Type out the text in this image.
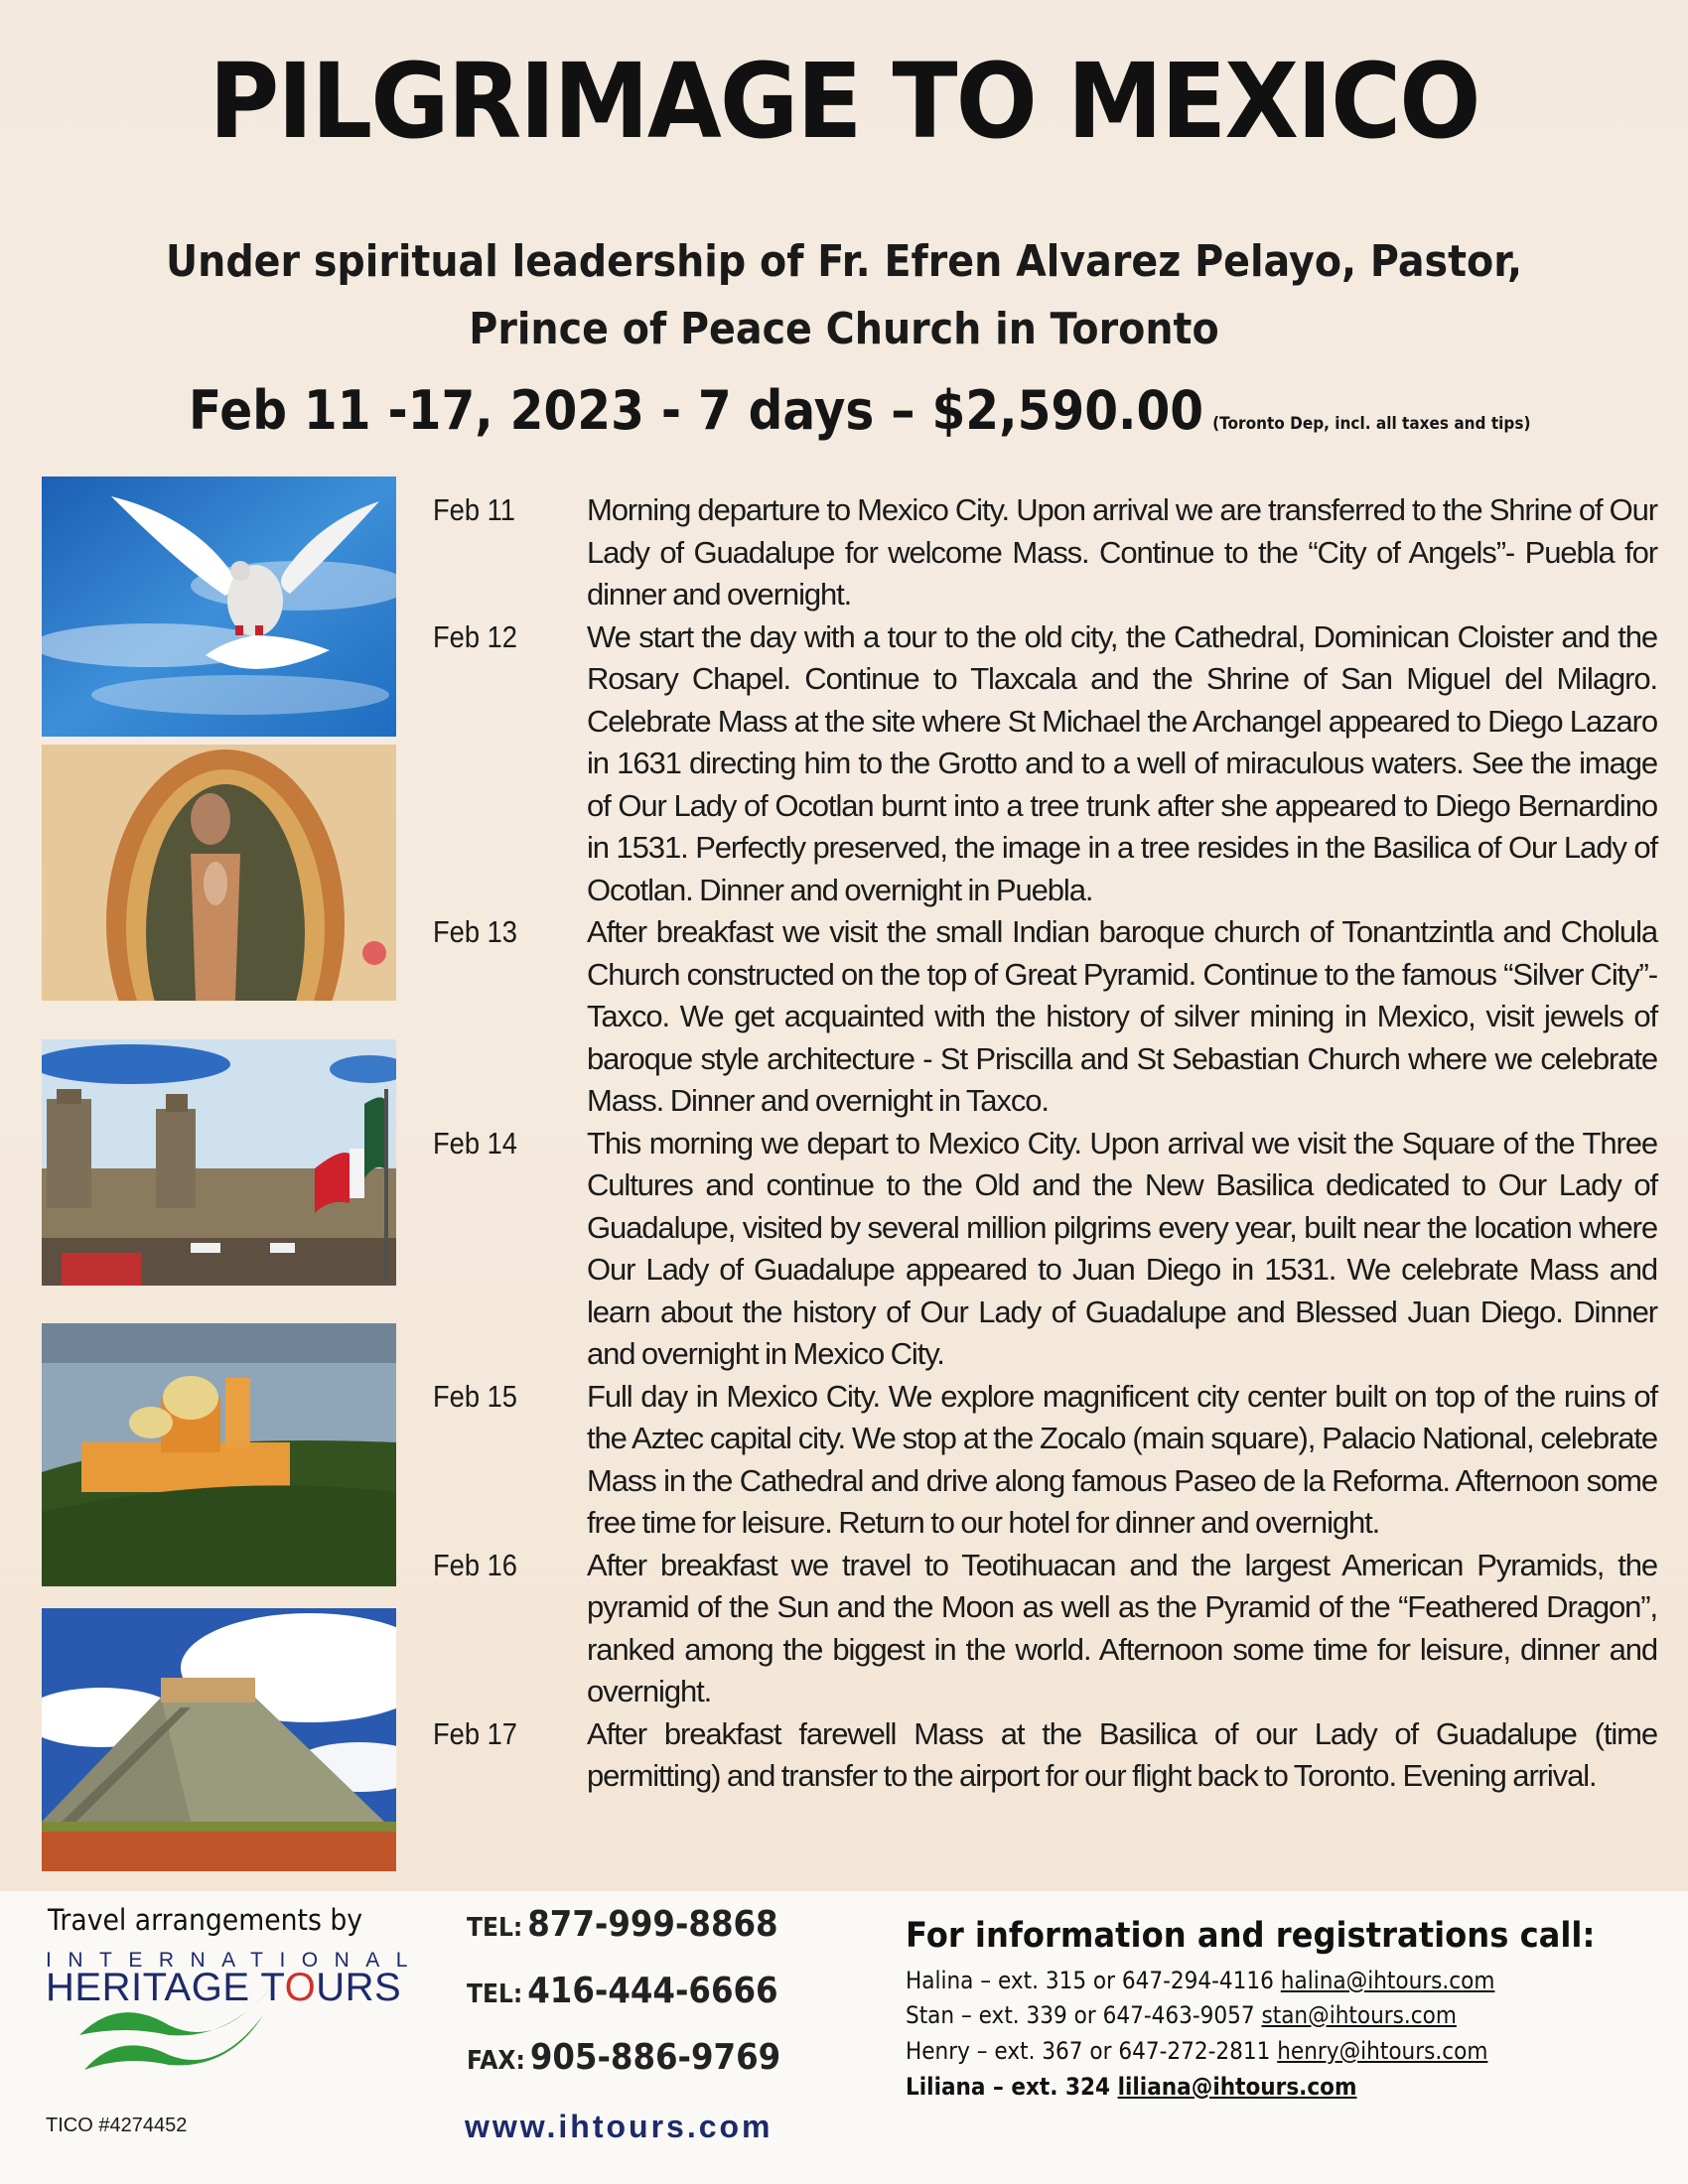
PILGRIMAGE TO MEXICO
Under spiritual leadership of Fr. Efren Alvarez Pelayo, Pastor,
Prince of Peace Church in Toronto
Feb 11 -17, 2023 - 7 days – $2,590.00 (Toronto Dep, incl. all taxes and tips)
Feb 11	Morning departure to Mexico City. Upon arrival we are transferred to the Shrine of Our Lady of Guadalupe for welcome Mass. Continue to the “City of Angels”- Puebla for dinner and overnight.
Feb 12	We start the day with a tour to the old city, the Cathedral, Dominican Cloister and the Rosary Chapel. Continue to Tlaxcala and the Shrine of San Miguel del Milagro. Celebrate Mass at the site where St Michael the Archangel appeared to Diego Lazaro in 1631 directing him to the Grotto and to a well of miraculous waters. See the image of Our Lady of Ocotlan burnt into a tree trunk after she appeared to Diego Bernardino in 1531. Perfectly preserved, the image in a tree resides in the Basilica of Our Lady of Ocotlan. Dinner and overnight in Puebla.
Feb 13	After breakfast we visit the small Indian baroque church of Tonantzintla and Cholula Church constructed on the top of Great Pyramid. Continue to the famous “Silver City”- Taxco. We get acquainted with the history of silver mining in Mexico, visit jewels of baroque style architecture - St Priscilla and St Sebastian Church where we celebrate Mass. Dinner and overnight in Taxco.
Feb 14	This morning we depart to Mexico City. Upon arrival we visit the Square of the Three Cultures and continue to the Old and the New Basilica dedicated to Our Lady of Guadalupe, visited by several million pilgrims every year, built near the location where Our Lady of Guadalupe appeared to Juan Diego in 1531. We celebrate Mass and learn about the history of Our Lady of Guadalupe and Blessed Juan Diego. Dinner and overnight in Mexico City.
Feb 15	Full day in Mexico City. We explore magnificent city center built on top of the ruins of the Aztec capital city. We stop at the Zocalo (main square), Palacio National, celebrate Mass in the Cathedral and drive along famous Paseo de la Reforma. Afternoon some free time for leisure. Return to our hotel for dinner and overnight.
Feb 16	After breakfast we travel to Teotihuacan and the largest American Pyramids, the pyramid of the Sun and the Moon as well as the Pyramid of the “Feathered Dragon”, ranked among the biggest in the world. Afternoon some time for leisure, dinner and overnight.
Feb 17	After breakfast farewell Mass at the Basilica of our Lady of Guadalupe (time permitting) and transfer to the airport for our flight back to Toronto. Evening arrival.
Travel arrangements by
INTERNATIONAL
HERITAGE TOURS
TICO #4274452
TEL: 877-999-8868
TEL: 416-444-6666
FAX: 905-886-9769
www.ihtours.com
For information and registrations call:
Halina – ext. 315 or 647-294-4116 halina@ihtours.com
Stan – ext. 339 or 647-463-9057 stan@ihtours.com
Henry – ext. 367 or 647-272-2811 henry@ihtours.com
Liliana – ext. 324 liliana@ihtours.com
